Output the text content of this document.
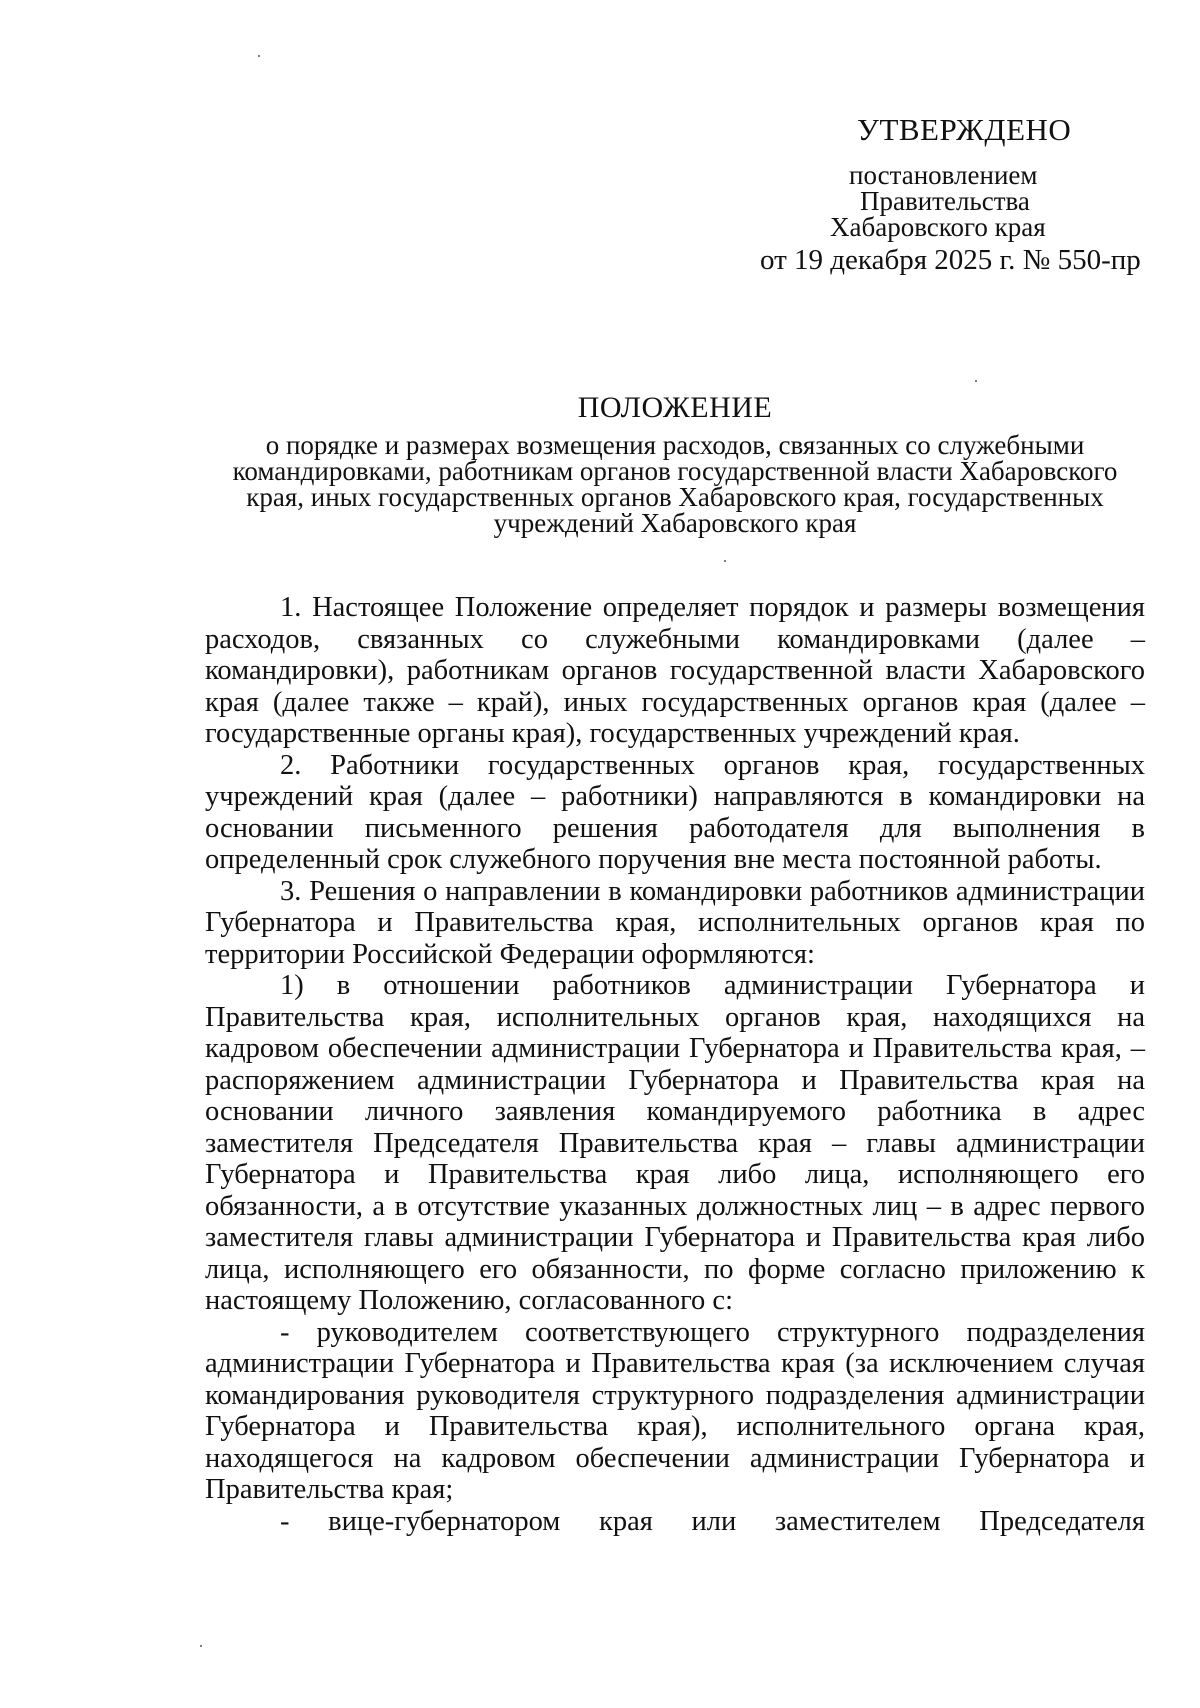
УТВЕРЖДЕНО
постановлением
Правительства
Хабаровского края
от 19 декабря 2025 г. № 550-пр
ПОЛОЖЕНИЕ
о порядке и размерах возмещения расходов, связанных со служебными командировками, работникам органов государственной власти Хабаровского края, иных государственных органов Хабаровского края, государственных учреждений Хабаровского края

1. Настоящее Положение определяет порядок и размеры возмещения расходов, связанных со служебными командировками (далее – командировки), работникам органов государственной власти Хабаровского края (далее также – край), иных государственных органов края (далее – государственные органы края), государственных учреждений края.

2. Работники государственных органов края, государственных учреждений края (далее – работники) направляются в командировки на основании письменного решения работодателя для выполнения в определенный срок служебного поручения вне места постоянной работы.

3. Решения о направлении в командировки работников администрации Губернатора и Правительства края, исполнительных органов края по территории Российской Федерации оформляются:

1) в отношении работников администрации Губернатора и Правительства края, исполнительных органов края, находящихся на кадровом обеспечении администрации Губернатора и Правительства края, – распоряжением администрации Губернатора и Правительства края на основании личного заявления командируемого работника в адрес заместителя Председателя Правительства края – главы администрации Губернатора и Правительства края либо лица, исполняющего его обязанности, а в отсутствие указанных должностных лиц – в адрес первого заместителя главы администрации Губернатора и Правительства края либо лица, исполняющего его обязанности, по форме согласно приложению к настоящему Положению, согласованного с:

- руководителем соответствующего структурного подразделения администрации Губернатора и Правительства края (за исключением случая командирования руководителя структурного подразделения администрации Губернатора и Правительства края), исполнительного органа края, находящегося на кадровом обеспечении администрации Губернатора и Правительства края;

- вице-губернатором края или заместителем Председателя
